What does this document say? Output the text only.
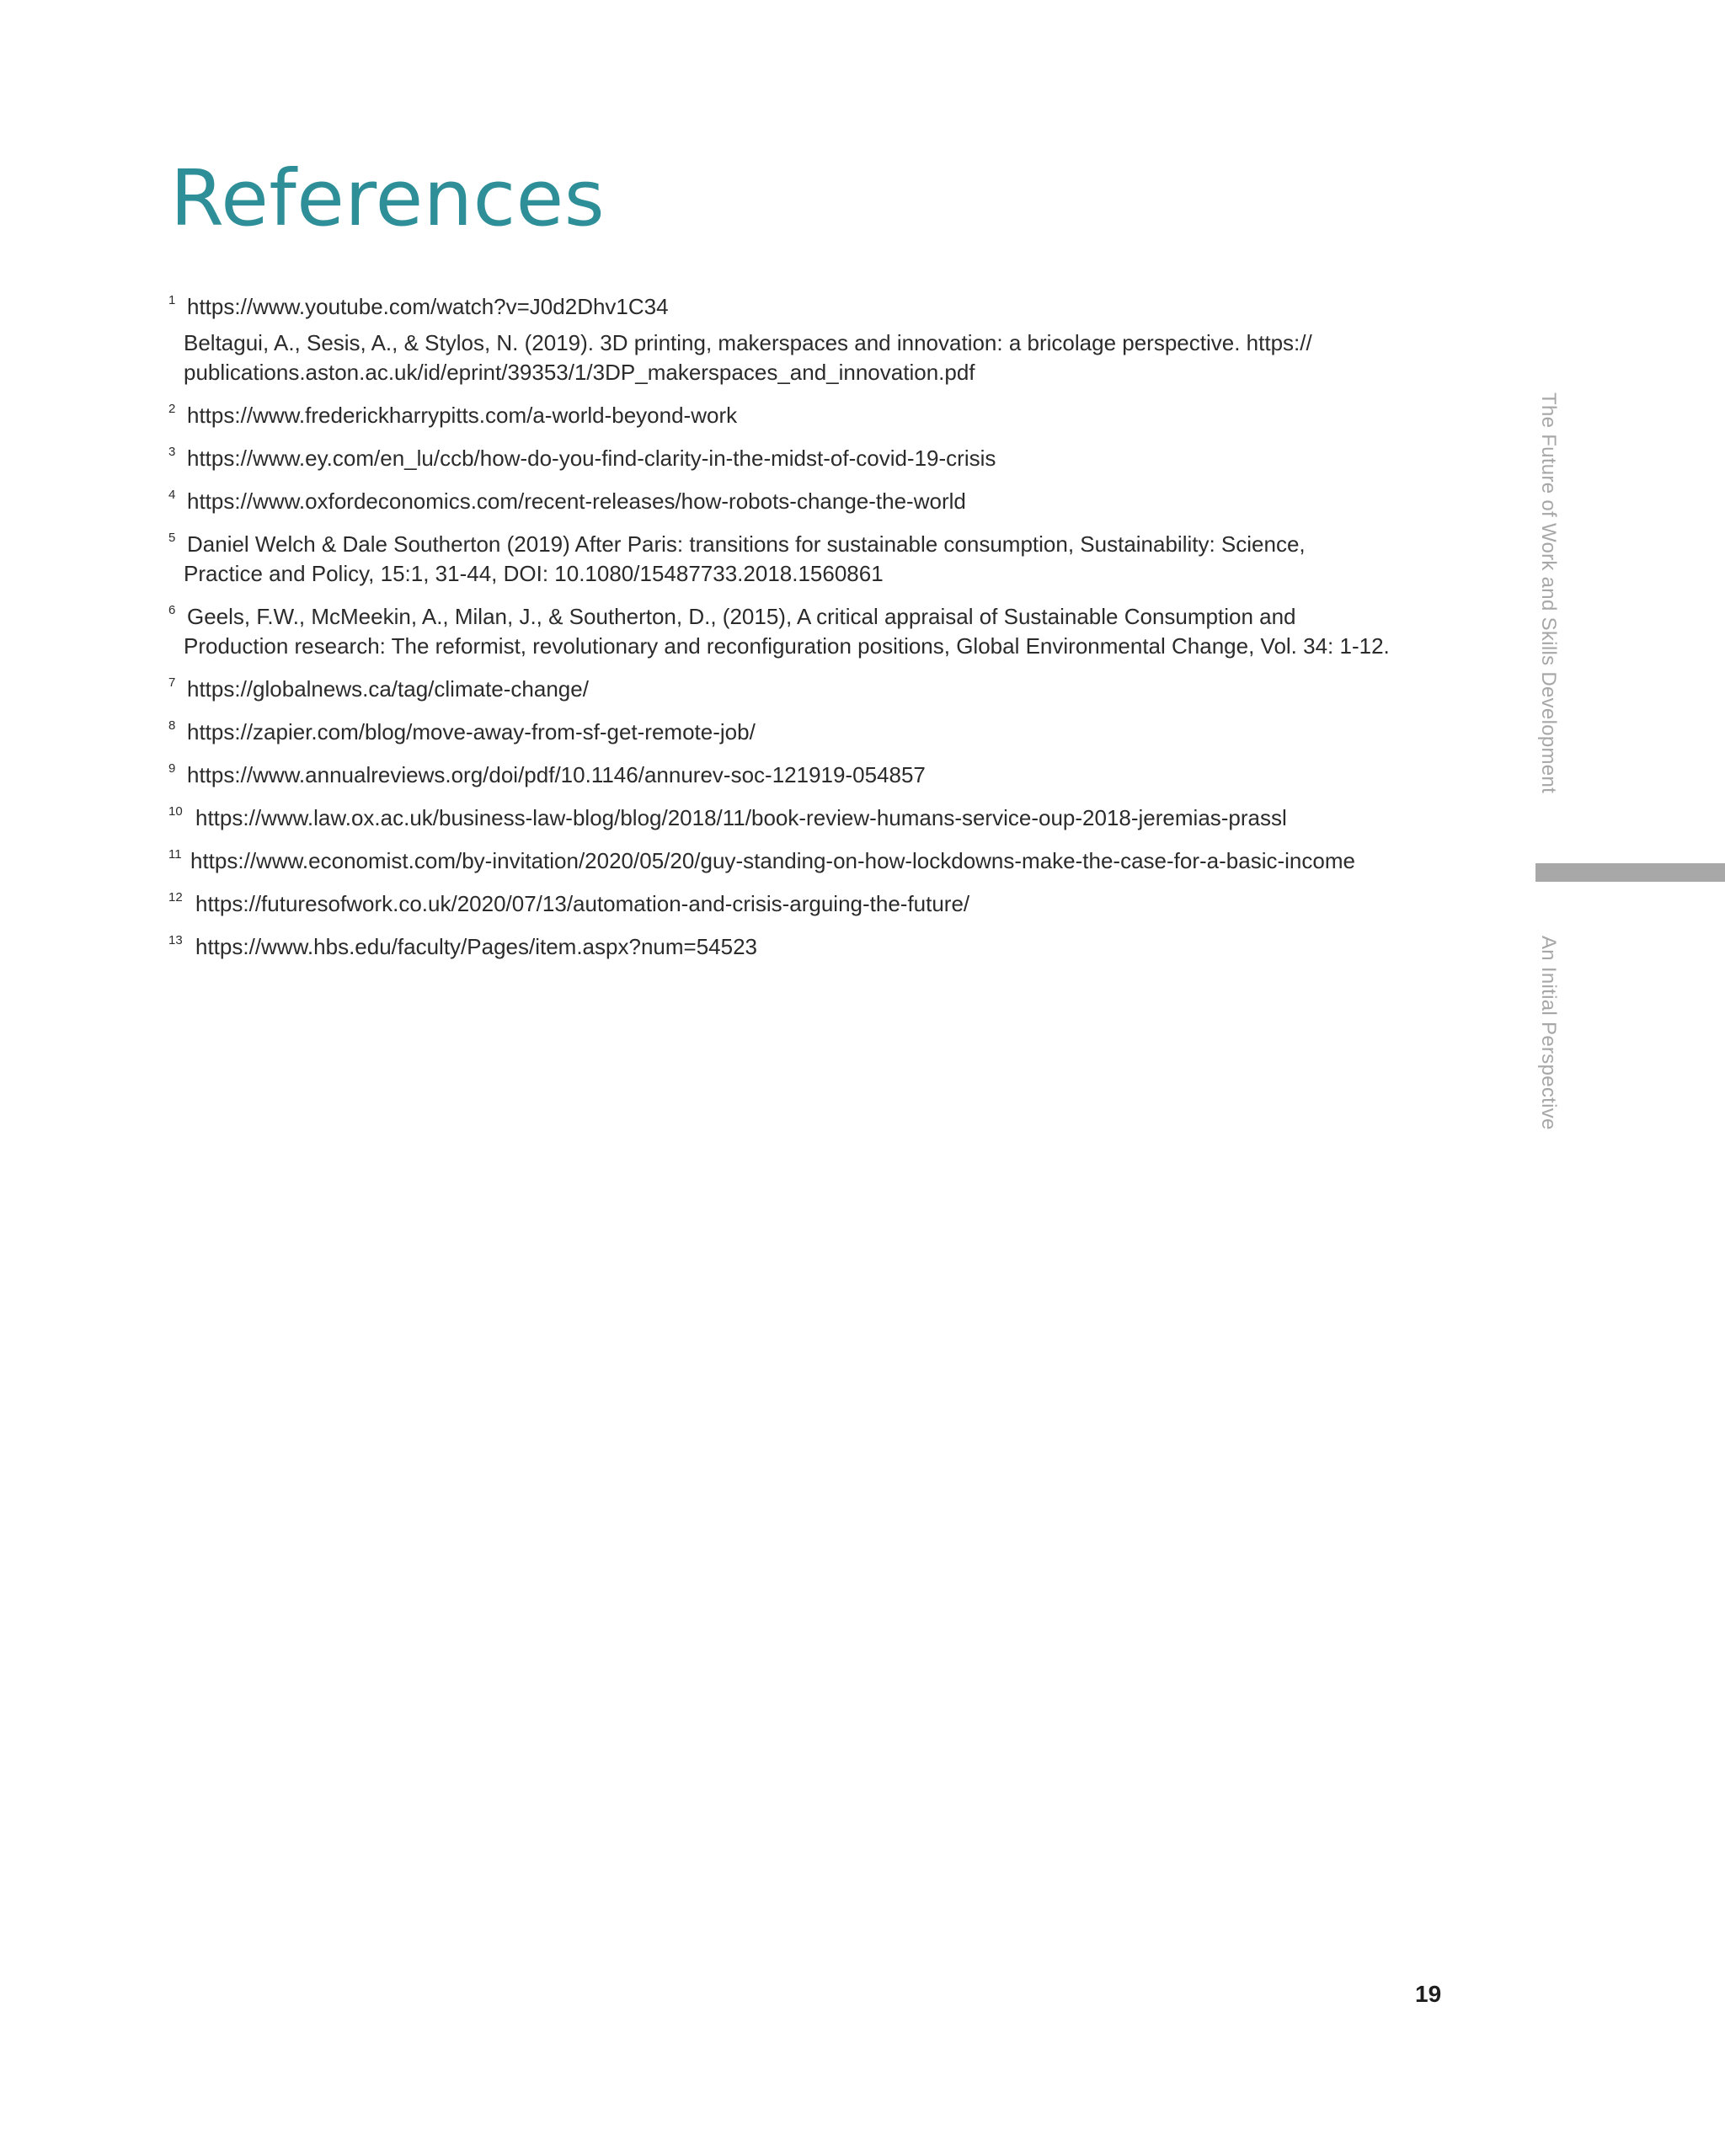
References
1 https://www.youtube.com/watch?v=J0d2Dhv1C34
Beltagui, A., Sesis, A., & Stylos, N. (2019). 3D printing, makerspaces and innovation: a bricolage perspective. https://
publications.aston.ac.uk/id/eprint/39353/1/3DP_makerspaces_and_innovation.pdf
2 https://www.frederickharrypitts.com/a-world-beyond-work
3 https://www.ey.com/en_lu/ccb/how-do-you-find-clarity-in-the-midst-of-covid-19-crisis
4 https://www.oxfordeconomics.com/recent-releases/how-robots-change-the-world
5 Daniel Welch & Dale Southerton (2019) After Paris: transitions for sustainable consumption, Sustainability: Science,
Practice and Policy, 15:1, 31-44, DOI: 10.1080/15487733.2018.1560861
6 Geels, F.W., McMeekin, A., Milan, J., & Southerton, D., (2015), A critical appraisal of Sustainable Consumption and
Production research: The reformist, revolutionary and reconfiguration positions, Global Environmental Change, Vol. 34: 1-12.
7 https://globalnews.ca/tag/climate-change/
8 https://zapier.com/blog/move-away-from-sf-get-remote-job/
9 https://www.annualreviews.org/doi/pdf/10.1146/annurev-soc-121919-054857
10 https://www.law.ox.ac.uk/business-law-blog/blog/2018/11/book-review-humans-service-oup-2018-jeremias-prassl
11 https://www.economist.com/by-invitation/2020/05/20/guy-standing-on-how-lockdowns-make-the-case-for-a-basic-income
12 https://futuresofwork.co.uk/2020/07/13/automation-and-crisis-arguing-the-future/
13 https://www.hbs.edu/faculty/Pages/item.aspx?num=54523
The Future of Work and Skills Development
An Initial Perspective
19
